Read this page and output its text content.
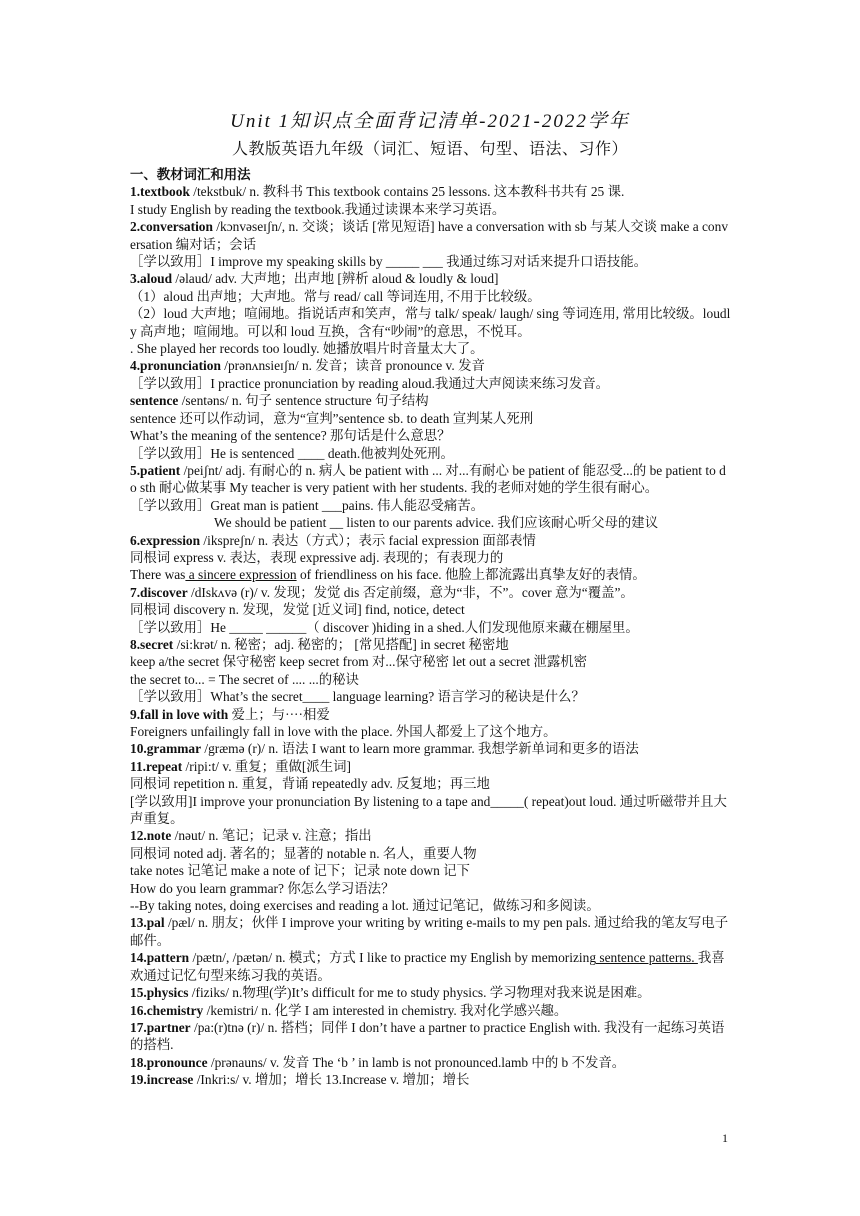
Unit 1知识点全面背记清单-2021-2022学年
人教版英语九年级（词汇、短语、句型、语法、习作）

一、教材词汇和用法

1.textbook /tekstbuk/ n. 教科书 This textbook contains 25 lessons. 这本教科书共有 25 课.

I study English by reading the textbook.我通过读课本来学习英语。

2.conversation /kɔnvəseɪʃn/, n. 交谈；谈话 [常见短语] have a conversation with sb 与某人交谈 make a conversation 编对话；会话

［学以致用］I improve my speaking skills by _____ ___ 我通过练习对话来提升口语技能。

3.aloud /əlaud/ adv. 大声地；出声地 [辨析 aloud & loudly & loud]

（1）aloud 出声地；大声地。常与 read/ call 等词连用, 不用于比较级。

（2）loud 大声地；喧闹地。指说话声和笑声，常与 talk/ speak/ laugh/ sing 等词连用, 常用比较级。loudly 高声地；喧闹地。可以和 loud 互换，含有“吵闹”的意思，不悦耳。

. She played her records too loudly. 她播放唱片时音量太大了。

4.pronunciation /prənʌnsieɪʃn/ n. 发音；读音 pronounce v. 发音

［学以致用］I practice pronunciation by reading aloud.我通过大声阅读来练习发音。

sentence /sentəns/ n. 句子 sentence structure 句子结构

sentence 还可以作动词，意为“宣判”sentence sb. to death 宣判某人死刑

What’s the meaning of the sentence? 那句话是什么意思？

［学以致用］He is sentenced ____ death.他被判处死刑。

5.patient /peiʃnt/ adj. 有耐心的 n. 病人 be patient with ... 对...有耐心 be patient of 能忍受...的 be patient to do sth 耐心做某事 My teacher is very patient with her students. 我的老师对她的学生很有耐心。

［学以致用］Great man is patient ___pains. 伟人能忍受痛苦。

We should be patient __ listen to our parents advice. 我们应该耐心听父母的建议

6.expression /ikspreʃn/ n. 表达（方式）；表示 facial expression 面部表情

同根词 express v. 表达，表现 expressive adj. 表现的；有表现力的

There was a sincere expression of friendliness on his face. 他脸上都流露出真挚友好的表情。

7.discover /dIskʌvə (r)/ v. 发现；发觉 dis 否定前缀，意为“非，不”。cover 意为“覆盖”。

同根词 discovery n. 发现，发觉 [近义词] find, notice, detect

［学以致用］He _____ ______（ discover )hiding in a shed.人们发现他原来藏在棚屋里。

8.secret /si:krət/ n. 秘密；adj. 秘密的； [常见搭配] in secret 秘密地

keep a/the secret 保守秘密 keep secret from 对...保守秘密 let out a secret 泄露机密

the secret to... = The secret of .... ...的秘诀

［学以致用］What’s the secret____ language learning? 语言学习的秘诀是什么？

9.fall in love with 爱上；与····相爱

Foreigners unfailingly fall in love with the place. 外国人都爱上了这个地方。

10.grammar /græmə (r)/ n. 语法 I want to learn more grammar. 我想学新单词和更多的语法

11.repeat /ripi:t/ v. 重复；重做[派生词]

同根词 repetition n. 重复，背诵 repeatedly adv. 反复地；再三地

[学以致用]I improve your pronunciation By listening to a tape and_____( repeat)out loud. 通过听磁带并且大声重复。

12.note /nəut/ n. 笔记；记录 v. 注意；指出

同根词 noted adj. 著名的；显著的 notable n. 名人，重要人物

take notes 记笔记 make a note of 记下；记录 note down 记下

How do you learn grammar? 你怎么学习语法？

--By taking notes, doing exercises and reading a lot. 通过记笔记，做练习和多阅读。

13.pal /pæl/ n. 朋友；伙伴 I improve your writing by writing e-mails to my pen pals. 通过给我的笔友写电子邮件。

14.pattern /pætn/, /pætən/ n. 模式；方式 I like to practice my English by memorizing sentence patterns. 我喜欢通过记忆句型来练习我的英语。

15.physics /fiziks/ n.物理(学)It’s difficult for me to study physics. 学习物理对我来说是困难。

16.chemistry /kemistri/ n. 化学 I am interested in chemistry. 我对化学感兴趣。

17.partner /pa:(r)tnə (r)/ n. 搭档；同伴 I don’t have a partner to practice English with. 我没有一起练习英语的搭档.

18.pronounce /prənauns/ v. 发音 The ‘b ’ in lamb is not pronounced.lamb 中的 b 不发音。

19.increase /Inkri:s/ v. 增加；增长 13.Increase v. 增加；增长

1
